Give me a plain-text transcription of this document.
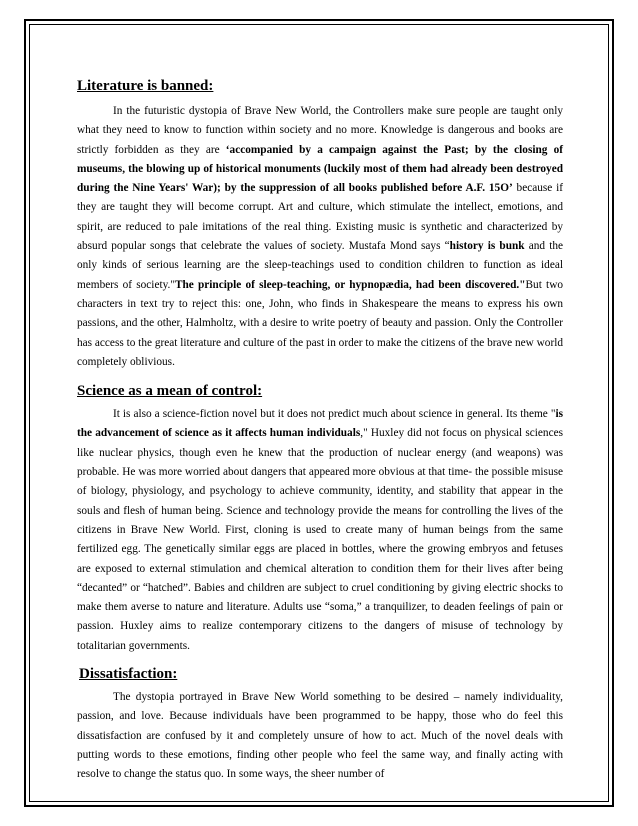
Literature is banned:

In the futuristic dystopia of Brave New World, the Controllers make sure people are taught only what they need to know to function within society and no more. Knowledge is dangerous and books are strictly forbidden as they are ‘accompanied by a campaign against the Past; by the closing of museums, the blowing up of historical monuments (luckily most of them had already been destroyed during the Nine Years' War); by the suppression of all books published before A.F. 15O’ because if they are taught they will become corrupt. Art and culture, which stimulate the intellect, emotions, and spirit, are reduced to pale imitations of the real thing. Existing music is synthetic and characterized by absurd popular songs that celebrate the values of society. Mustafa Mond says “history is bunk and the only kinds of serious learning are the sleep-teachings used to condition children to function as ideal members of society."The principle of sleep-teaching, or hypnopædia, had been discovered."But two characters in text try to reject this: one, John, who finds in Shakespeare the means to express his own passions, and the other, Halmholtz, with a desire to write poetry of beauty and passion. Only the Controller has access to the great literature and culture of the past in order to make the citizens of the brave new world completely oblivious.

Science as a mean of control:

It is also a science-fiction novel but it does not predict much about science in general. Its theme "is the advancement of science as it affects human individuals," Huxley did not focus on physical sciences like nuclear physics, though even he knew that the production of nuclear energy (and weapons) was probable. He was more worried about dangers that appeared more obvious at that time- the possible misuse of biology, physiology, and psychology to achieve community, identity, and stability that appear in the souls and flesh of human being. Science and technology provide the means for controlling the lives of the citizens in Brave New World. First, cloning is used to create many of human beings from the same fertilized egg. The genetically similar eggs are placed in bottles, where the growing embryos and fetuses are exposed to external stimulation and chemical alteration to condition them for their lives after being “decanted” or “hatched”. Babies and children are subject to cruel conditioning by giving electric shocks to make them averse to nature and literature. Adults use “soma,” a tranquilizer, to deaden feelings of pain or passion. Huxley aims to realize contemporary citizens to the dangers of misuse of technology by totalitarian governments.

Dissatisfaction:

The dystopia portrayed in Brave New World something to be desired – namely individuality, passion, and love. Because individuals have been programmed to be happy, those who do feel this dissatisfaction are confused by it and completely unsure of how to act. Much of the novel deals with putting words to these emotions, finding other people who feel the same way, and finally acting with resolve to change the status quo. In some ways, the sheer number of
